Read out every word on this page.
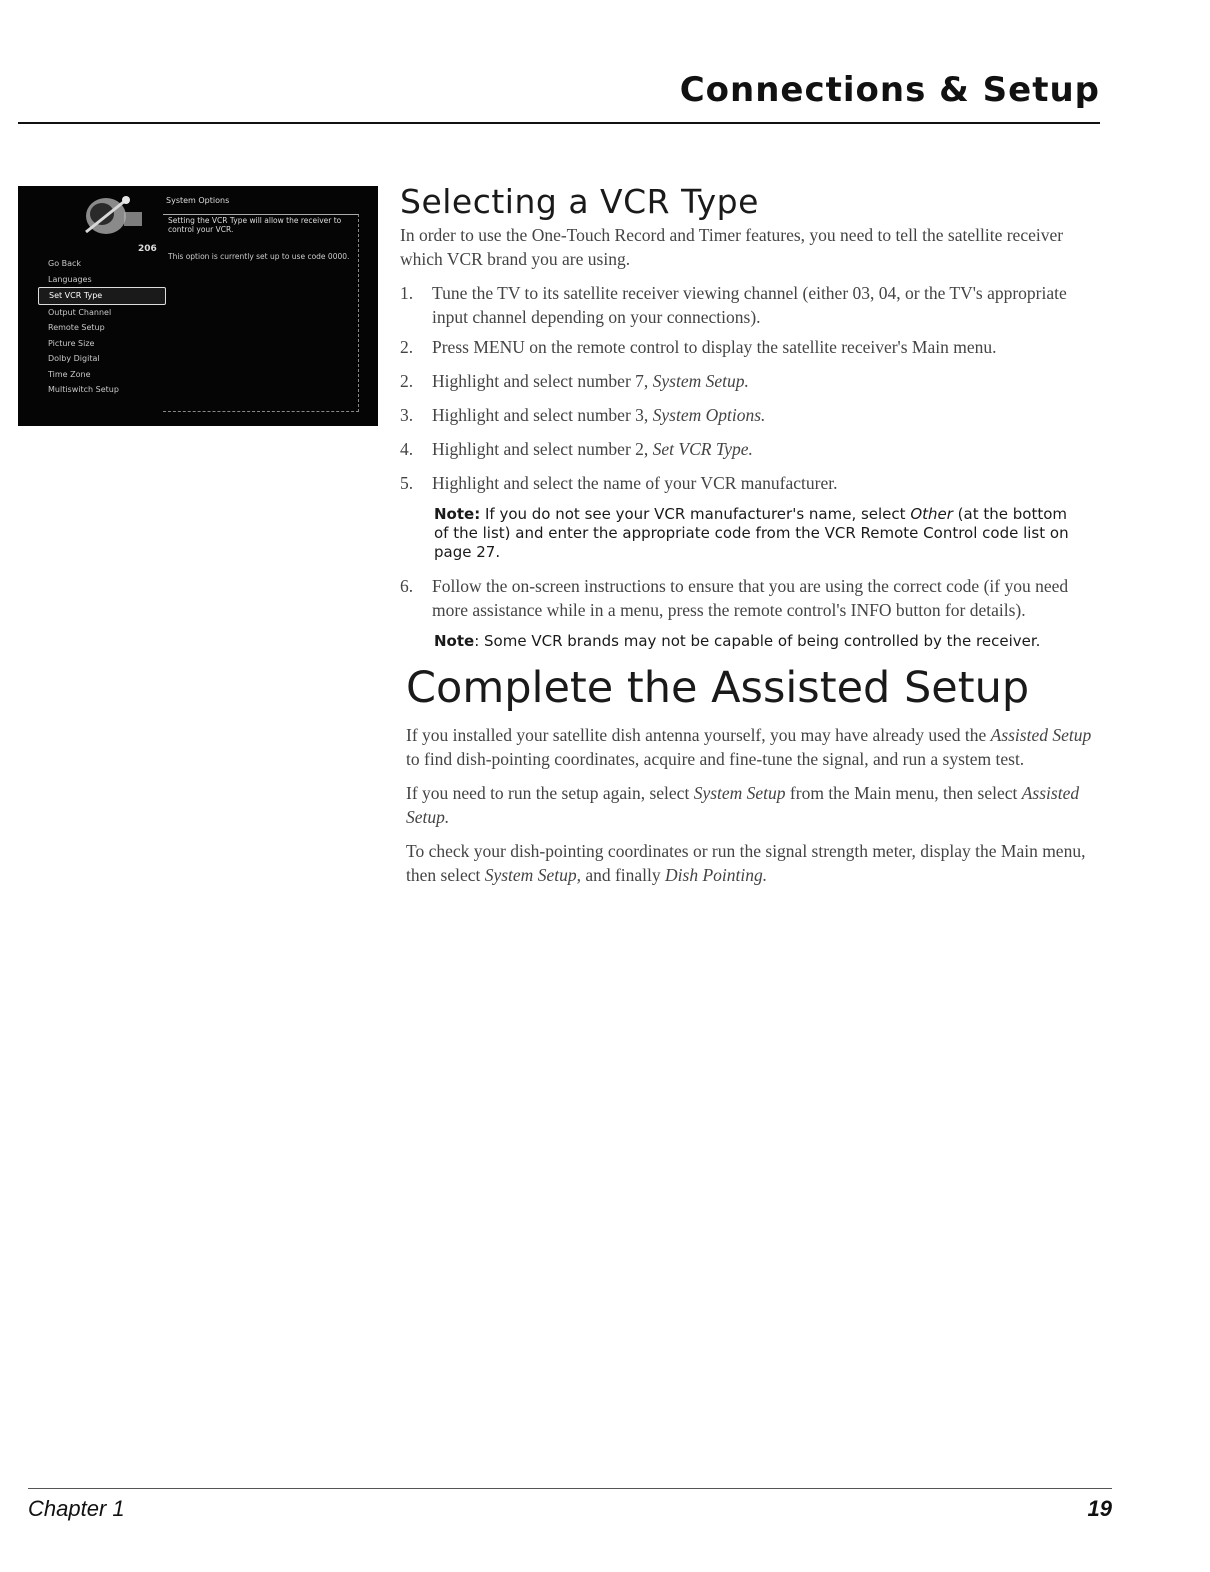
Connections & Setup
206
System Options
Setting the VCR Type will allow the receiver to control your VCR.
This option is currently set up to use code 0000.
Go Back
Languages
Set VCR Type
Output Channel
Remote Setup
Picture Size
Dolby Digital
Time Zone
Multiswitch Setup
Selecting a VCR Type

In order to use the One-Touch Record and Timer features, you need to tell the satellite receiver which VCR brand you are using.

1. Tune the TV to its satellite receiver viewing channel (either 03, 04, or the TV's appropriate input channel depending on your connections).
2. Press MENU on the remote control to display the satellite receiver's Main menu.
2. Highlight and select number 7, System Setup.
3. Highlight and select number 3, System Options.
4. Highlight and select number 2, Set VCR Type.
5. Highlight and select the name of your VCR manufacturer.
Note: If you do not see your VCR manufacturer's name, select Other (at the bottom of the list) and enter the appropriate code from the VCR Remote Control code list on page 27.
6. Follow the on-screen instructions to ensure that you are using the correct code (if you need more assistance while in a menu, press the remote control's INFO button for details).
Note: Some VCR brands may not be capable of being controlled by the receiver.
Complete the Assisted Setup

If you installed your satellite dish antenna yourself, you may have already used the Assisted Setup to find dish-pointing coordinates, acquire and fine-tune the signal, and run a system test.

If you need to run the setup again, select System Setup from the Main menu, then select Assisted Setup.

To check your dish-pointing coordinates or run the signal strength meter, display the Main menu, then select System Setup, and finally Dish Pointing.

Chapter 1	19
